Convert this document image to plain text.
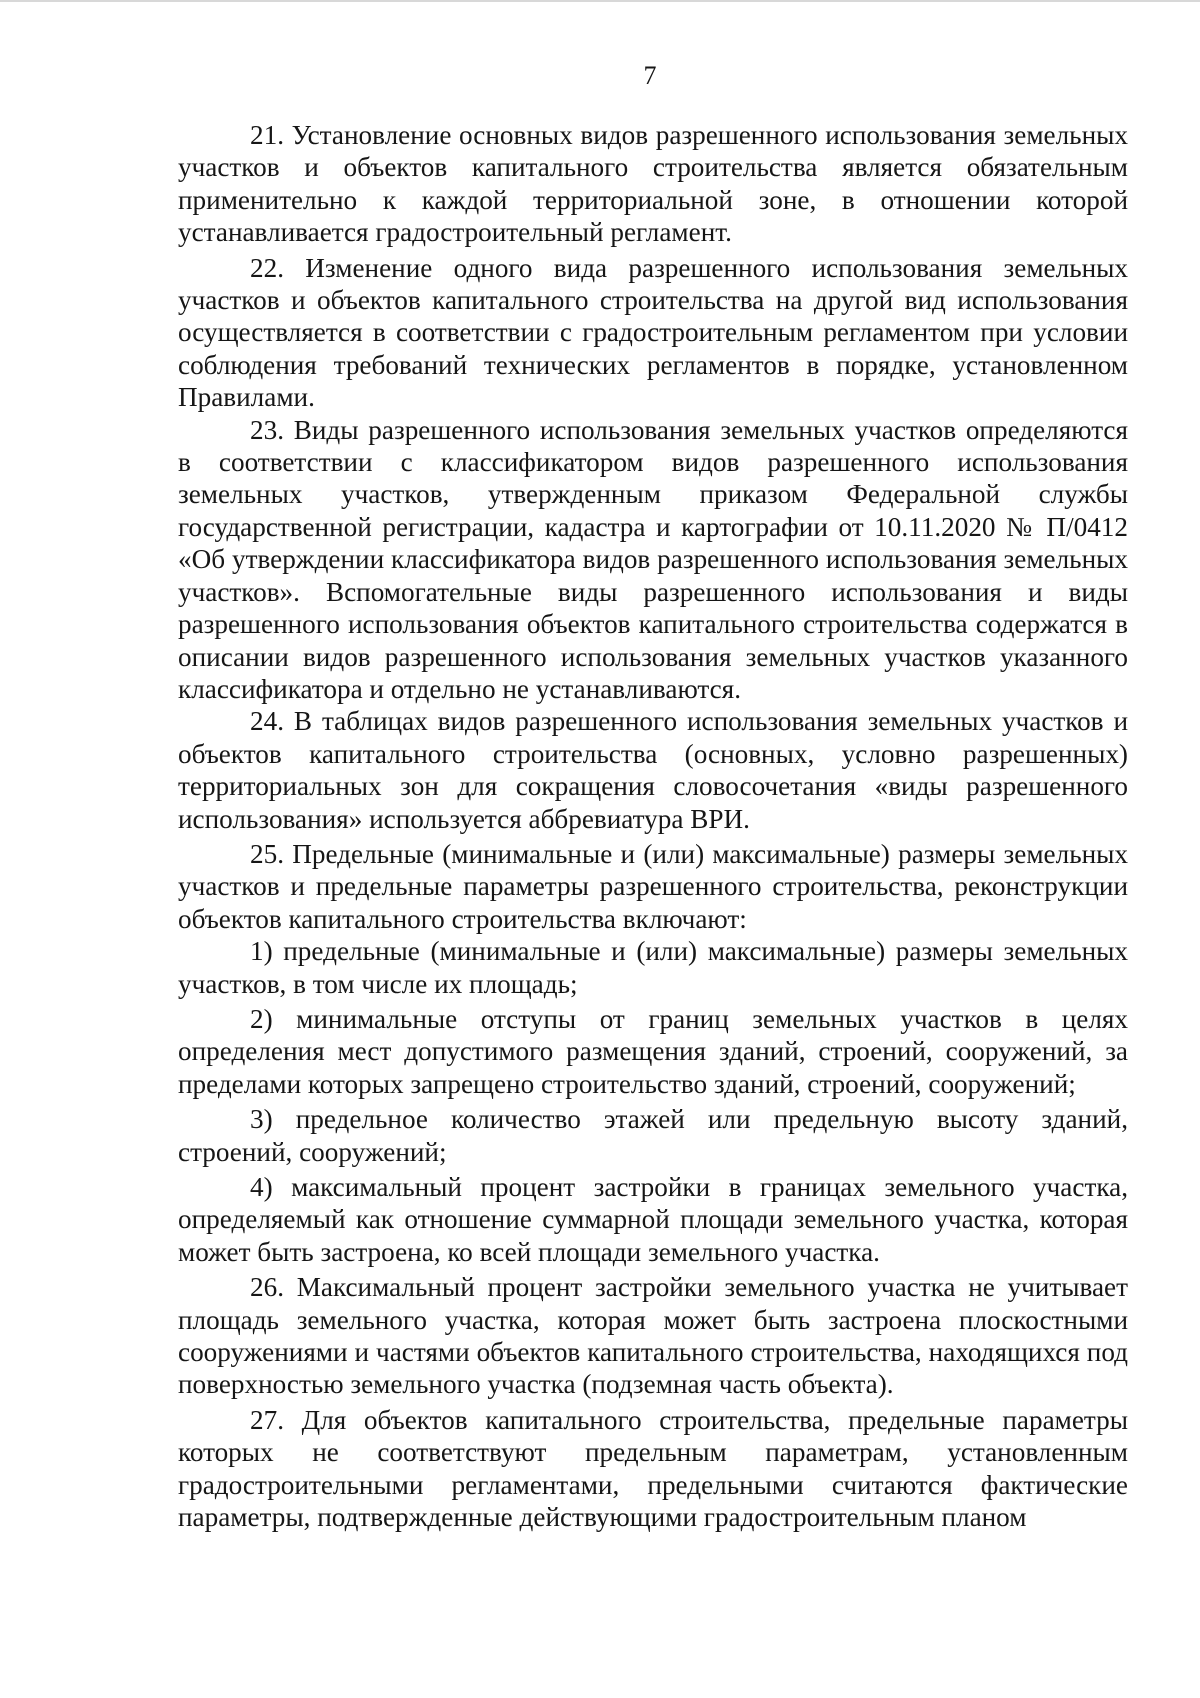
7

21. Установление основных видов разрешенного использования земельных участков и объектов капитального строительства является обязательным применительно к каждой территориальной зоне, в отношении которой устанавливается градостроительный регламент.

22. Изменение одного вида разрешенного использования земельных участков и объектов капитального строительства на другой вид использования осуществляется в соответствии с градостроительным регламентом при условии соблюдения требований технических регламентов в порядке, установленном Правилами.

23. Виды разрешенного использования земельных участков определяются в соответствии с классификатором видов разрешенного использования земельных участков, утвержденным приказом Федеральной службы государственной регистрации, кадастра и картографии от 10.11.2020 № П/0412 «Об утверждении классификатора видов разрешенного использования земельных участков». Вспомогательные виды разрешенного использования и виды разрешенного использования объектов капитального строительства содержатся в описании видов разрешенного использования земельных участков указанного классификатора и отдельно не устанавливаются.

24. В таблицах видов разрешенного использования земельных участков и объектов капитального строительства (основных, условно разрешенных) территориальных зон для сокращения словосочетания «виды разрешенного использования» используется аббревиатура ВРИ.

25. Предельные (минимальные и (или) максимальные) размеры земельных участков и предельные параметры разрешенного строительства, реконструкции объектов капитального строительства включают:

1) предельные (минимальные и (или) максимальные) размеры земельных участков, в том числе их площадь;

2) минимальные отступы от границ земельных участков в целях определения мест допустимого размещения зданий, строений, сооружений, за пределами которых запрещено строительство зданий, строений, сооружений;

3) предельное количество этажей или предельную высоту зданий, строений, сооружений;

4) максимальный процент застройки в границах земельного участка, определяемый как отношение суммарной площади земельного участка, которая может быть застроена, ко всей площади земельного участка.

26. Максимальный процент застройки земельного участка не учитывает площадь земельного участка, которая может быть застроена плоскостными сооружениями и частями объектов капитального строительства, находящихся под поверхностью земельного участка (подземная часть объекта).

27. Для объектов капитального строительства, предельные параметры которых не соответствуют предельным параметрам, установленным градостроительными регламентами, предельными считаются фактические параметры, подтвержденные действующими градостроительным планом
